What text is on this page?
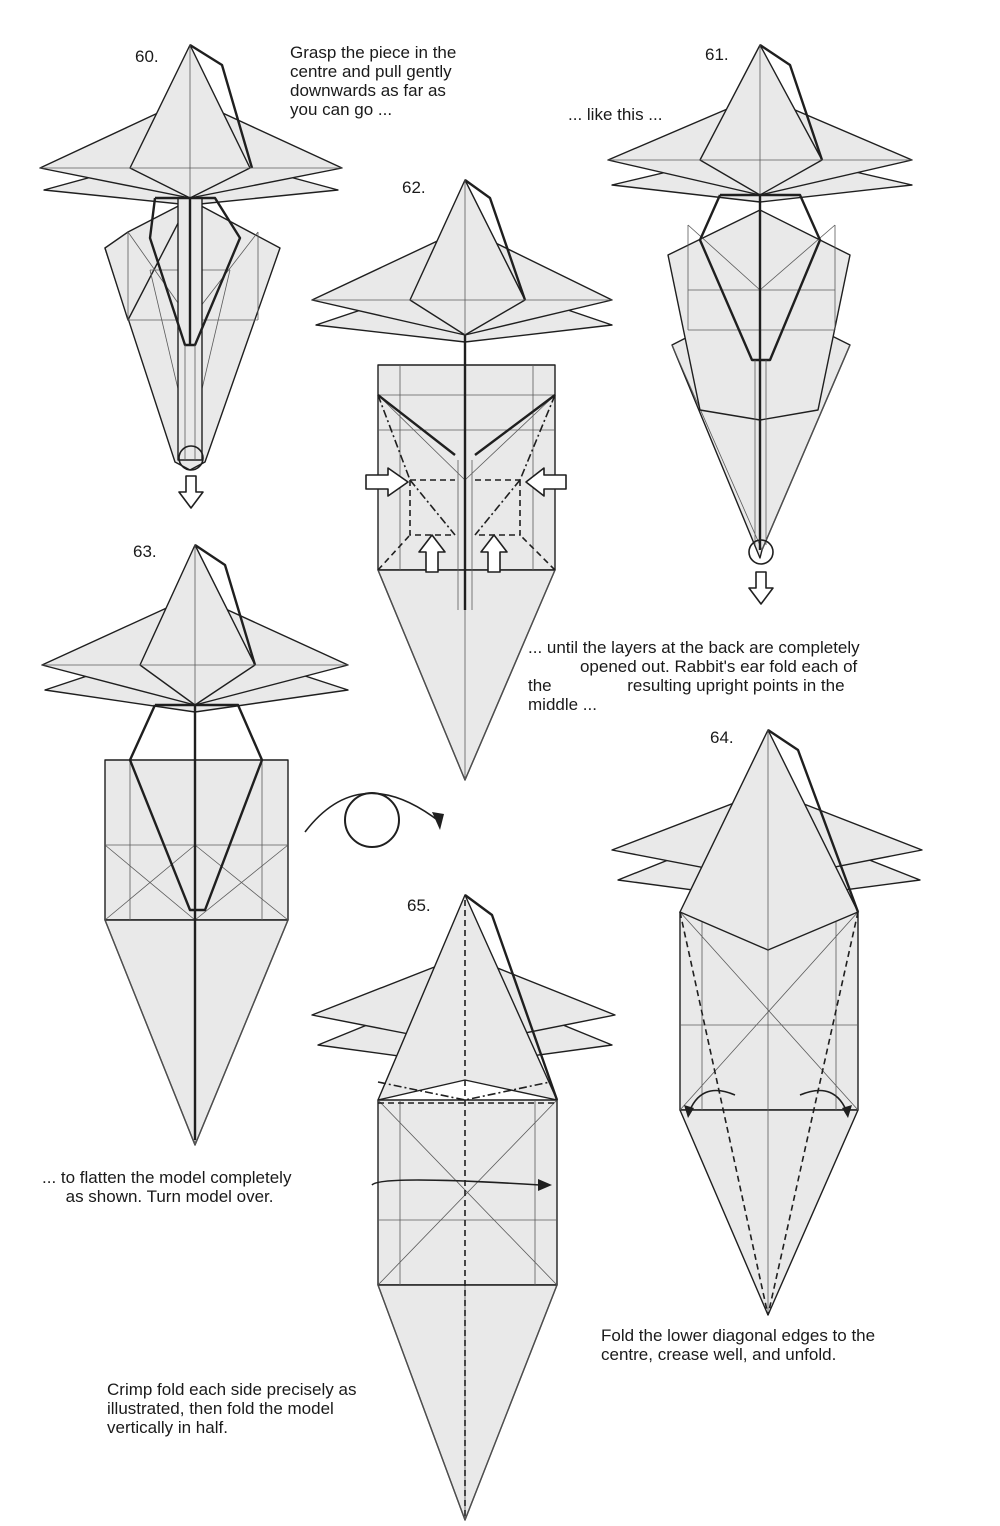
60.	Grasp the piece in the
centre and pull gently
downwards as far as
you can go ...
61.
... like this ...
62.
... until the layers at the back are completely
opened out. Rabbit's ear fold each of
the                resulting upright points in the
middle ...
63.
... to flatten the model completely
as shown. Turn model over.
64.
Fold the lower diagonal edges to the
centre, crease well, and unfold.
65.
Crimp fold each side precisely as
illustrated, then fold the model
vertically in half.
